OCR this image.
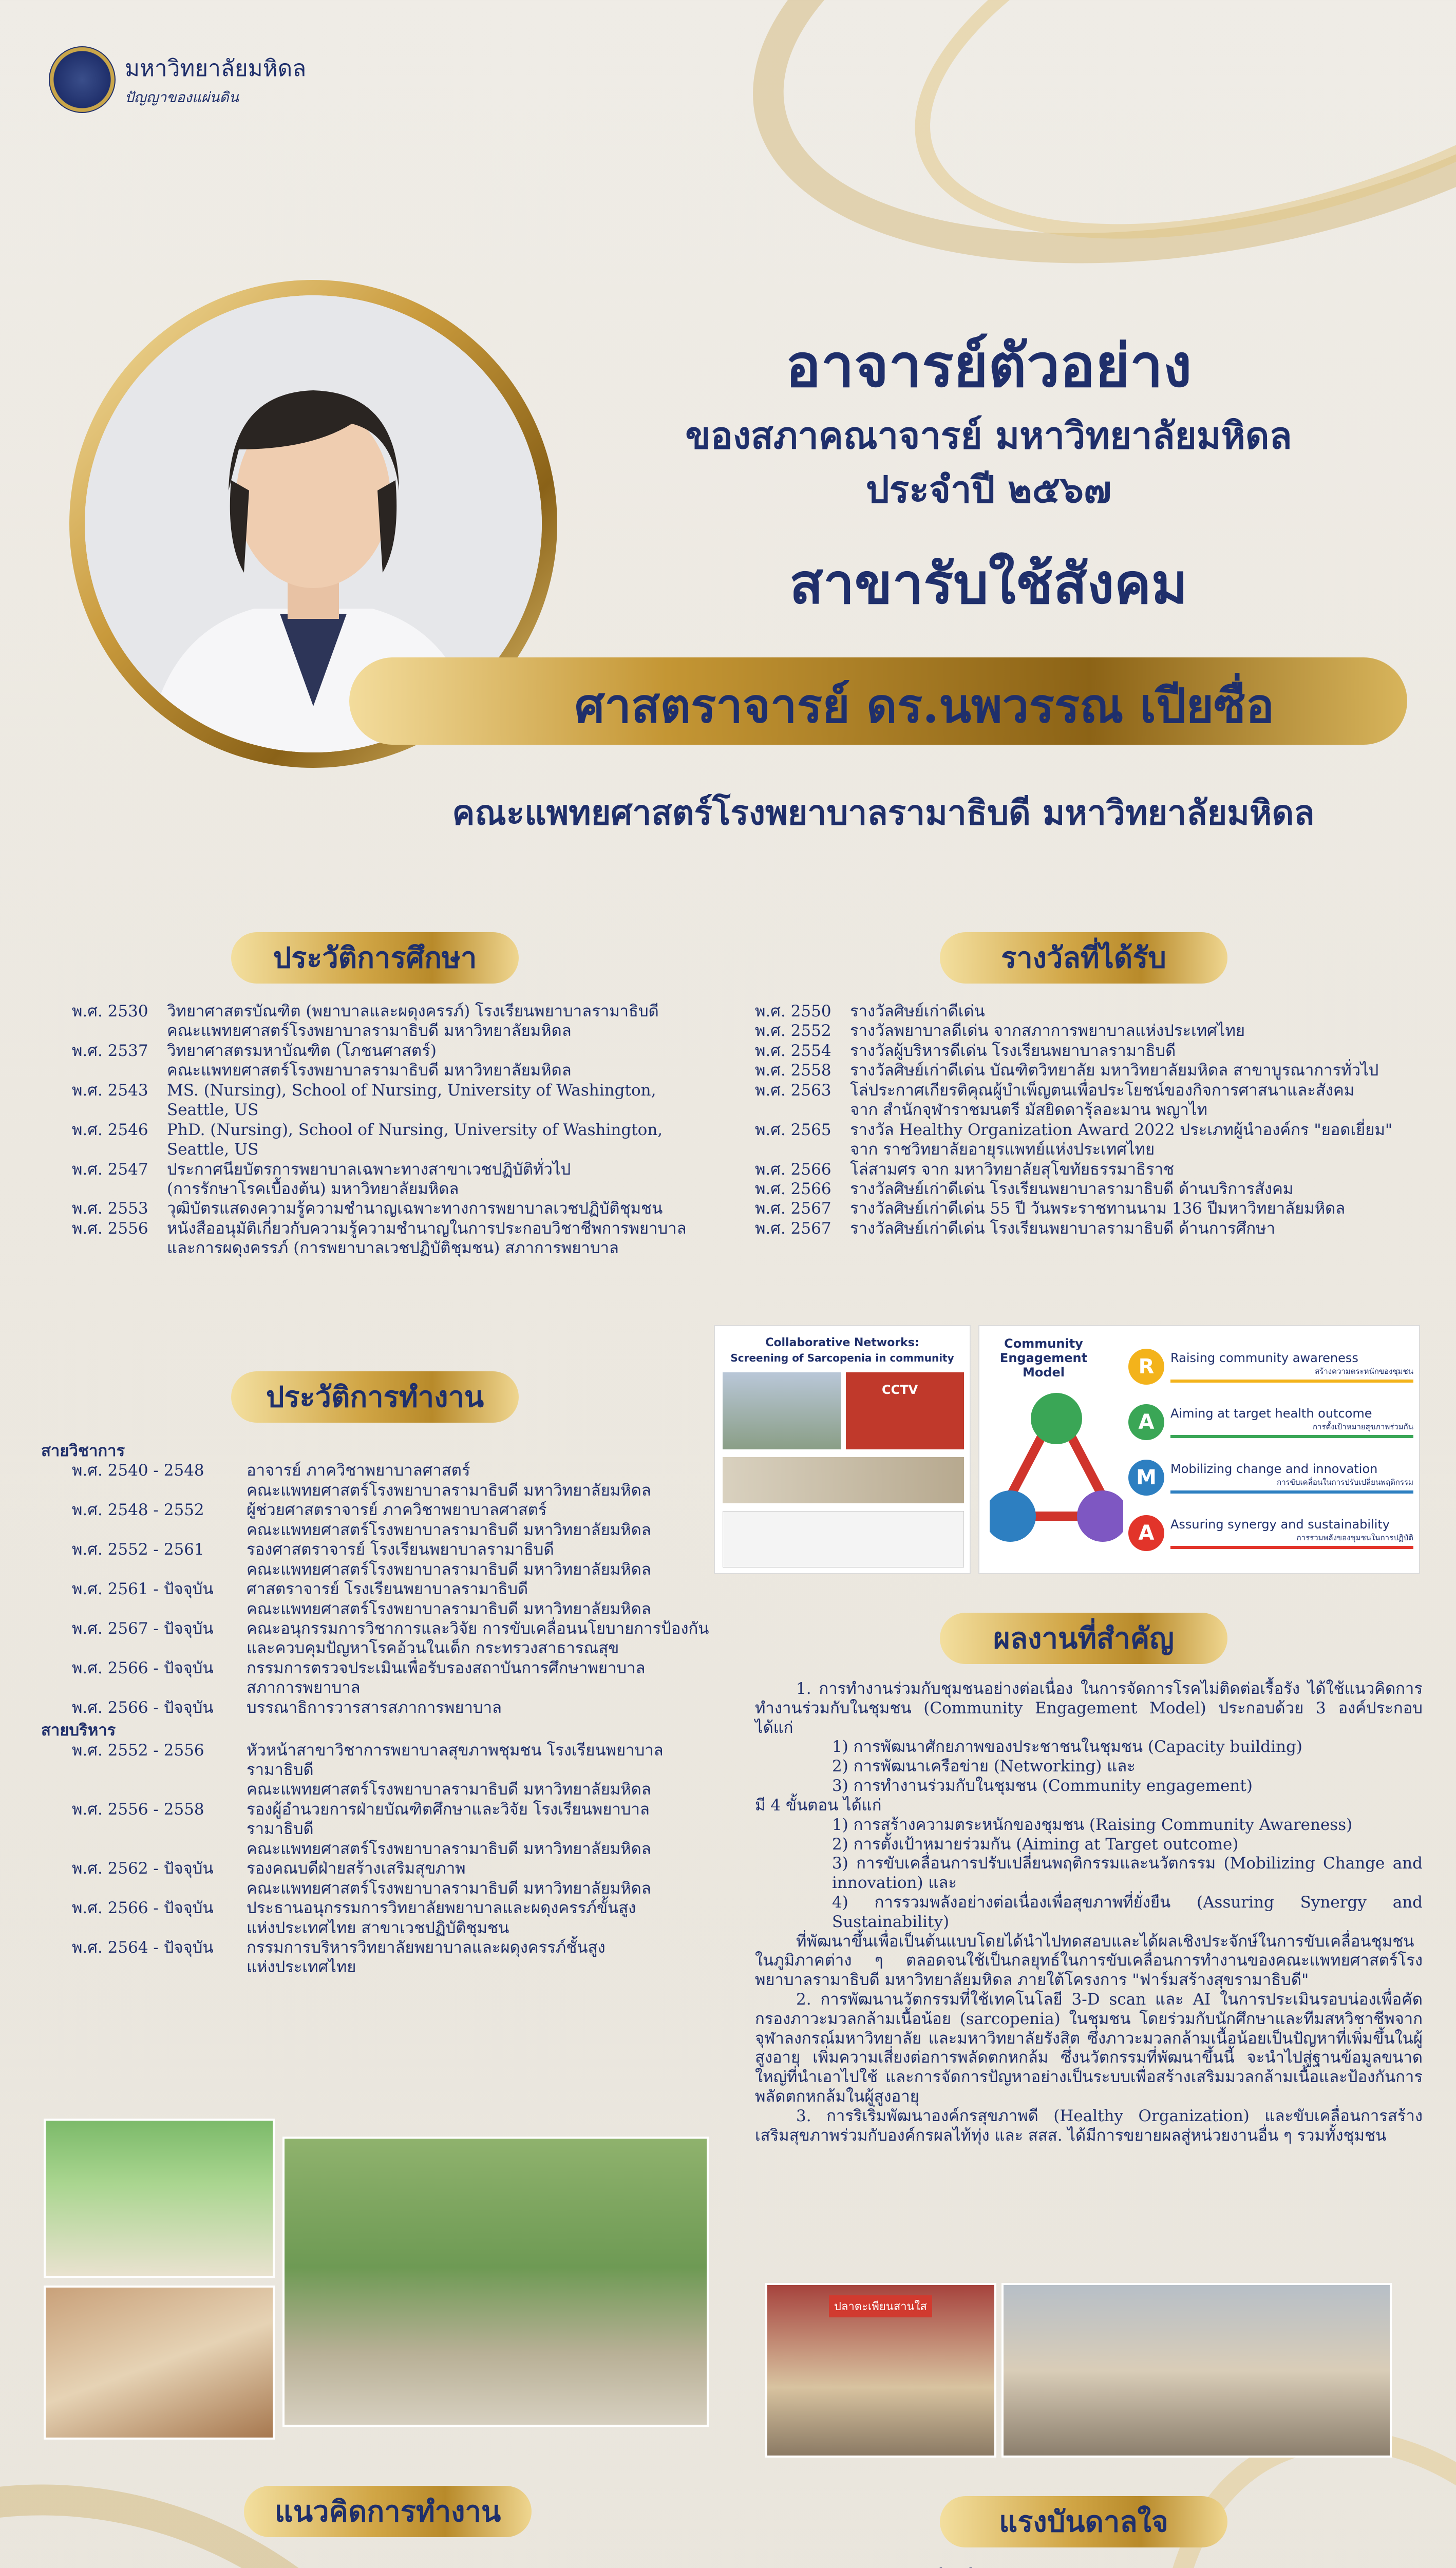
มหาวิทยาลัยมหิดล
ปัญญาของแผ่นดิน
อาจารย์ตัวอย่าง
ของสภาคณาจารย์ มหาวิทยาลัยมหิดล
ประจำปี ๒๕๖๗
สาขารับใช้สังคม
ศาสตราจารย์ ดร.นพวรรณ เปียซื่อ
คณะแพทยศาสตร์โรงพยาบาลรามาธิบดี มหาวิทยาลัยมหิดล
ประวัติการศึกษา
พ.ศ. 2530	วิทยาศาสตรบัณฑิต (พยาบาลและผดุงครรภ์) โรงเรียนพยาบาลรามาธิบดี
คณะแพทยศาสตร์โรงพยาบาลรามาธิบดี มหาวิทยาลัยมหิดล
พ.ศ. 2537	วิทยาศาสตรมหาบัณฑิต (โภชนศาสตร์)
คณะแพทยศาสตร์โรงพยาบาลรามาธิบดี มหาวิทยาลัยมหิดล
พ.ศ. 2543	MS. (Nursing), School of Nursing, University of Washington,
Seattle, US
พ.ศ. 2546	PhD. (Nursing), School of Nursing, University of Washington,
Seattle, US
พ.ศ. 2547	ประกาศนียบัตรการพยาบาลเฉพาะทางสาขาเวชปฏิบัติทั่วไป
(การรักษาโรคเบื้องต้น) มหาวิทยาลัยมหิดล
พ.ศ. 2553	วุฒิบัตรแสดงความรู้ความชำนาญเฉพาะทางการพยาบาลเวชปฏิบัติชุมชน
พ.ศ. 2556	หนังสืออนุมัติเกี่ยวกับความรู้ความชำนาญในการประกอบวิชาชีพการพยาบาล
และการผดุงครรภ์ (การพยาบาลเวชปฏิบัติชุมชน) สภาการพยาบาล
รางวัลที่ได้รับ
พ.ศ. 2550	รางวัลศิษย์เก่าดีเด่น
พ.ศ. 2552	รางวัลพยาบาลดีเด่น จากสภาการพยาบาลแห่งประเทศไทย
พ.ศ. 2554	รางวัลผู้บริหารดีเด่น โรงเรียนพยาบาลรามาธิบดี
พ.ศ. 2558	รางวัลศิษย์เก่าดีเด่น บัณฑิตวิทยาลัย มหาวิทยาลัยมหิดล สาขาบูรณาการทั่วไป
พ.ศ. 2563	โล่ประกาศเกียรติคุณผู้บำเพ็ญตนเพื่อประโยชน์ของกิจการศาสนาและสังคม
จาก สำนักจุฬาราชมนตรี มัสยิดดารุ้ลอะมาน พญาไท
พ.ศ. 2565	รางวัล Healthy Organization Award 2022 ประเภทผู้นำองค์กร "ยอดเยี่ยม"
จาก ราชวิทยาลัยอายุรแพทย์แห่งประเทศไทย
พ.ศ. 2566	โล่สามศร จาก มหาวิทยาลัยสุโขทัยธรรมาธิราช
พ.ศ. 2566	รางวัลศิษย์เก่าดีเด่น โรงเรียนพยาบาลรามาธิบดี ด้านบริการสังคม
พ.ศ. 2567	รางวัลศิษย์เก่าดีเด่น 55 ปี วันพระราชทานนาม 136 ปีมหาวิทยาลัยมหิดล
พ.ศ. 2567	รางวัลศิษย์เก่าดีเด่น โรงเรียนพยาบาลรามาธิบดี ด้านการศึกษา
Collaborative Networks:
Screening of Sarcopenia in community
CCTV
Community Engagement Model	R	Raising community awareness
สร้างความตระหนักของชุมชน
A	Aiming at target health outcome
การตั้งเป้าหมายสุขภาพร่วมกัน
M	Mobilizing change and innovation
การขับเคลื่อนในการปรับเปลี่ยนพฤติกรรม
A	Assuring synergy and sustainability
การรวมพลังของชุมชนในการปฏิบัติ
ประวัติการทำงาน
สายวิชาการ
พ.ศ. 2540 - 2548	อาจารย์ ภาควิชาพยาบาลศาสตร์
คณะแพทยศาสตร์โรงพยาบาลรามาธิบดี มหาวิทยาลัยมหิดล
พ.ศ. 2548 - 2552	ผู้ช่วยศาสตราจารย์ ภาควิชาพยาบาลศาสตร์
คณะแพทยศาสตร์โรงพยาบาลรามาธิบดี มหาวิทยาลัยมหิดล
พ.ศ. 2552 - 2561	รองศาสตราจารย์ โรงเรียนพยาบาลรามาธิบดี
คณะแพทยศาสตร์โรงพยาบาลรามาธิบดี มหาวิทยาลัยมหิดล
พ.ศ. 2561 - ปัจจุบัน	ศาสตราจารย์ โรงเรียนพยาบาลรามาธิบดี
คณะแพทยศาสตร์โรงพยาบาลรามาธิบดี มหาวิทยาลัยมหิดล
พ.ศ. 2567 - ปัจจุบัน	คณะอนุกรรมการวิชาการและวิจัย การขับเคลื่อนนโยบายการป้องกัน
และควบคุมปัญหาโรคอ้วนในเด็ก กระทรวงสาธารณสุข
พ.ศ. 2566 - ปัจจุบัน	กรรมการตรวจประเมินเพื่อรับรองสถาบันการศึกษาพยาบาล
สภาการพยาบาล
พ.ศ. 2566 - ปัจจุบัน	บรรณาธิการวารสารสภาการพยาบาล
สายบริหาร
พ.ศ. 2552 - 2556	หัวหน้าสาขาวิชาการพยาบาลสุขภาพชุมชน โรงเรียนพยาบาลรามาธิบดี
คณะแพทยศาสตร์โรงพยาบาลรามาธิบดี มหาวิทยาลัยมหิดล
พ.ศ. 2556 - 2558	รองผู้อำนวยการฝ่ายบัณฑิตศึกษาและวิจัย โรงเรียนพยาบาลรามาธิบดี
คณะแพทยศาสตร์โรงพยาบาลรามาธิบดี มหาวิทยาลัยมหิดล
พ.ศ. 2562 - ปัจจุบัน	รองคณบดีฝ่ายสร้างเสริมสุขภาพ
คณะแพทยศาสตร์โรงพยาบาลรามาธิบดี มหาวิทยาลัยมหิดล
พ.ศ. 2566 - ปัจจุบัน	ประธานอนุกรรมการวิทยาลัยพยาบาลและผดุงครรภ์ขั้นสูง
แห่งประเทศไทย สาขาเวชปฏิบัติชุมชน
พ.ศ. 2564 - ปัจจุบัน	กรรมการบริหารวิทยาลัยพยาบาลและผดุงครรภ์ชั้นสูง
แห่งประเทศไทย
ผลงานที่สำคัญ

1. การทำงานร่วมกับชุมชนอย่างต่อเนื่อง ในการจัดการโรคไม่ติดต่อเรื้อรัง ได้ใช้แนวคิดการทำงานร่วมกับในชุมชน (Community Engagement Model) ประกอบด้วย 3 องค์ประกอบ ได้แก่

1) การพัฒนาศักยภาพของประชาชนในชุมชน (Capacity building)

2) การพัฒนาเครือข่าย (Networking) และ

3) การทำงานร่วมกับในชุมชน (Community engagement)

มี 4 ขั้นตอน ได้แก่

1) การสร้างความตระหนักของชุมชน (Raising Community Awareness)

2) การตั้งเป้าหมายร่วมกัน (Aiming at Target outcome)

3) การขับเคลื่อนการปรับเปลี่ยนพฤติกรรมและนวัตกรรม (Mobilizing Change and innovation) และ

4) การรวมพลังอย่างต่อเนื่องเพื่อสุขภาพที่ยั่งยืน (Assuring Synergy and Sustainability)

ที่พัฒนาขึ้นเพื่อเป็นต้นแบบโดยได้นำไปทดสอบและได้ผลเชิงประจักษ์ในการขับเคลื่อนชุมชนในภูมิภาคต่าง ๆ ตลอดจนใช้เป็นกลยุทธ์ในการขับเคลื่อนการทำงานของคณะแพทยศาสตร์โรงพยาบาลรามาธิบดี มหาวิทยาลัยมหิดล ภายใต้โครงการ "ฟาร์มสร้างสุขรามาธิบดี"

2. การพัฒนานวัตกรรมที่ใช้เทคโนโลยี 3-D scan และ AI ในการประเมินรอบน่องเพื่อคัดกรองภาวะมวลกล้ามเนื้อน้อย (sarcopenia) ในชุมชน โดยร่วมกับนักศึกษาและทีมสหวิชาชีพจากจุฬาลงกรณ์มหาวิทยาลัย และมหาวิทยาลัยรังสิต ซึ่งภาวะมวลกล้ามเนื้อน้อยเป็นปัญหาที่เพิ่มขึ้นในผู้สูงอายุ เพิ่มความเสี่ยงต่อการพลัดตกหกล้ม ซึ่งนวัตกรรมที่พัฒนาขึ้นนี้ จะนำไปสู่ฐานข้อมูลขนาดใหญ่ที่นำเอาไปใช้ และการจัดการปัญหาอย่างเป็นระบบเพื่อสร้างเสริมมวลกล้ามเนื้อและป้องกันการพลัดตกหกล้มในผู้สูงอายุ

3. การริเริ่มพัฒนาองค์กรสุขภาพดี (Healthy Organization) และขับเคลื่อนการสร้างเสริมสุขภาพร่วมกับองค์กรผลไท้ทุ่ง และ สสส. ได้มีการขยายผลสู่หน่วยงานอื่น ๆ รวมทั้งชุมชน

ปลาตะเพียนสานใส
แนวคิดการทำงาน	แรงบันดาลใจ
